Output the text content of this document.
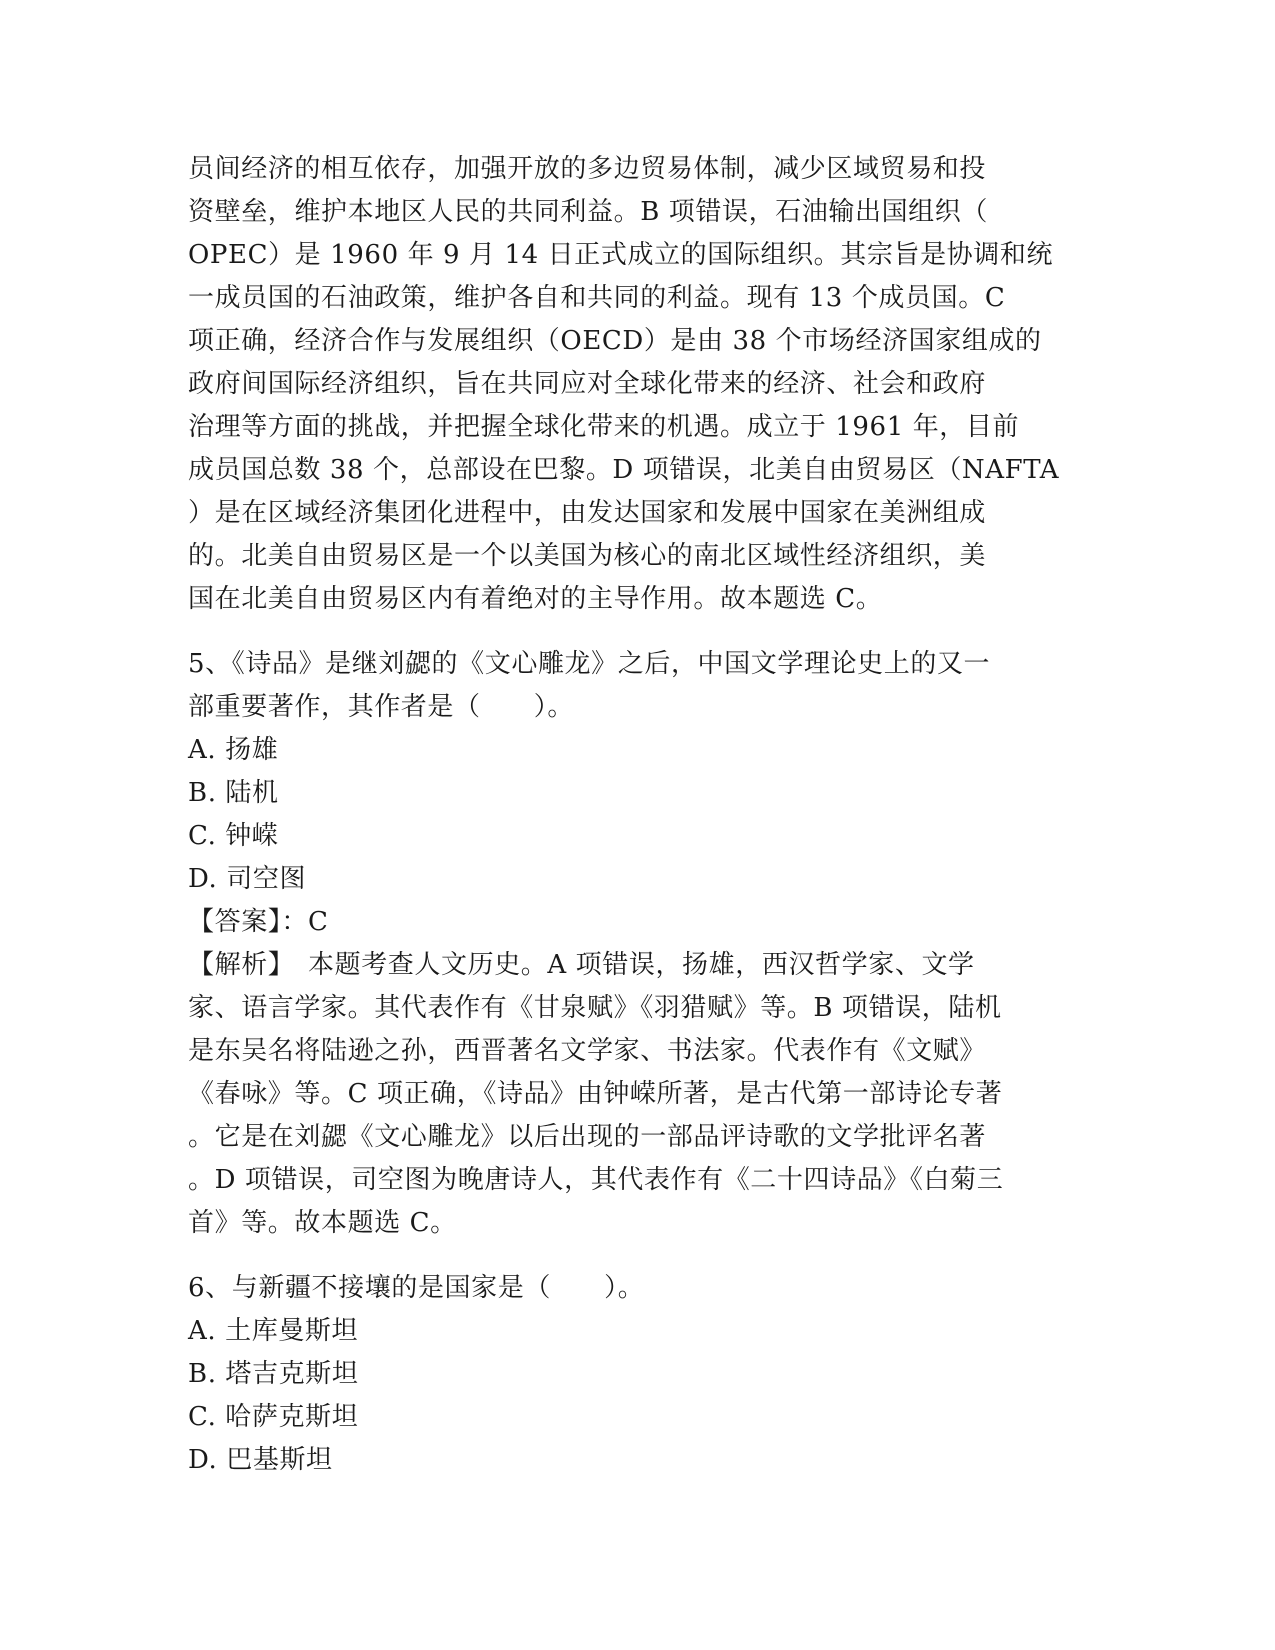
员间经济的相互依存，加强开放的多边贸易体制，减少区域贸易和投
资壁垒，维护本地区人民的共同利益。B 项错误，石油输出国组织（
OPEC）是 1960 年 9 月 14 日正式成立的国际组织。其宗旨是协调和统
一成员国的石油政策，维护各自和共同的利益。现有 13 个成员国。C
项正确，经济合作与发展组织（OECD）是由 38 个市场经济国家组成的
政府间国际经济组织，旨在共同应对全球化带来的经济、社会和政府
治理等方面的挑战，并把握全球化带来的机遇。成立于 1961 年，目前
成员国总数 38 个，总部设在巴黎。D 项错误，北美自由贸易区（NAFTA
）是在区域经济集团化进程中，由发达国家和发展中国家在美洲组成
的。北美自由贸易区是一个以美国为核心的南北区域性经济组织，美
国在北美自由贸易区内有着绝对的主导作用。故本题选 C。
5、《诗品》是继刘勰的《文心雕龙》之后，中国文学理论史上的又一
部重要著作，其作者是（　　）。
A. 扬雄
B. 陆机
C. 钟嵘
D. 司空图
【答案】：C
【解析】　本题考查人文历史。A 项错误，扬雄，西汉哲学家、文学
家、语言学家。其代表作有《甘泉赋》《羽猎赋》等。B 项错误，陆机
是东吴名将陆逊之孙，西晋著名文学家、书法家。代表作有《文赋》
《春咏》等。C 项正确，《诗品》由钟嵘所著，是古代第一部诗论专著
。它是在刘勰《文心雕龙》以后出现的一部品评诗歌的文学批评名著
。D 项错误，司空图为晚唐诗人，其代表作有《二十四诗品》《白菊三
首》等。故本题选 C。
6、与新疆不接壤的是国家是（　　）。
A. 土库曼斯坦
B. 塔吉克斯坦
C. 哈萨克斯坦
D. 巴基斯坦
